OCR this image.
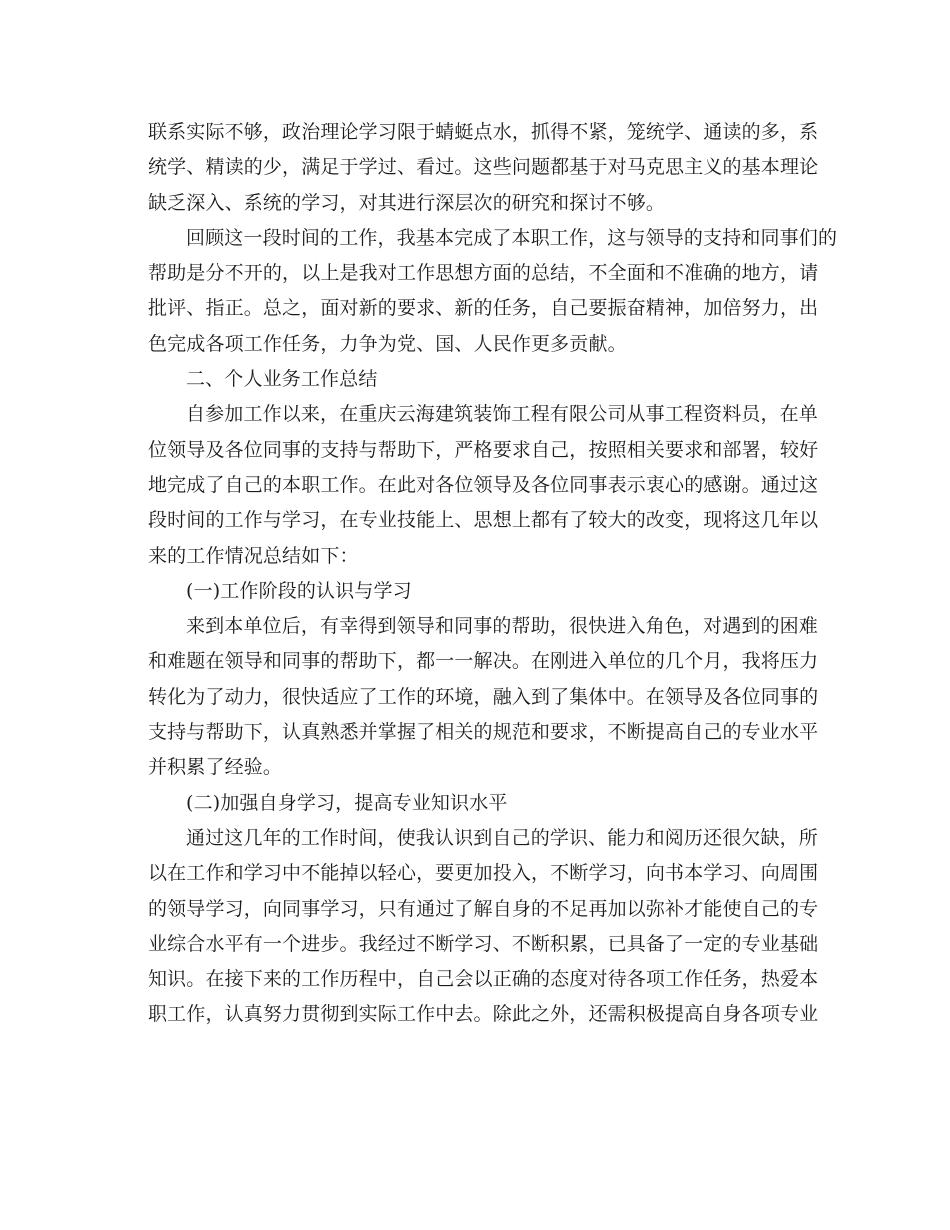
联系实际不够，政治理论学习限于蜻蜓点水，抓得不紧，笼统学、通读的多，系
统学、精读的少，满足于学过、看过。这些问题都基于对马克思主义的基本理论
缺乏深入、系统的学习，对其进行深层次的研究和探讨不够。
回顾这一段时间的工作，我基本完成了本职工作，这与领导的支持和同事们的
帮助是分不开的，以上是我对工作思想方面的总结，不全面和不准确的地方，请
批评、指正。总之，面对新的要求、新的任务，自己要振奋精神，加倍努力，出
色完成各项工作任务，力争为党、国、人民作更多贡献。
二、个人业务工作总结
自参加工作以来，在重庆云海建筑装饰工程有限公司从事工程资料员，在单
位领导及各位同事的支持与帮助下，严格要求自己，按照相关要求和部署，较好
地完成了自己的本职工作。在此对各位领导及各位同事表示衷心的感谢。通过这
段时间的工作与学习，在专业技能上、思想上都有了较大的改变，现将这几年以
来的工作情况总结如下：
(一)工作阶段的认识与学习
来到本单位后，有幸得到领导和同事的帮助，很快进入角色，对遇到的困难
和难题在领导和同事的帮助下，都一一解决。在刚进入单位的几个月，我将压力
转化为了动力，很快适应了工作的环境，融入到了集体中。在领导及各位同事的
支持与帮助下，认真熟悉并掌握了相关的规范和要求，不断提高自己的专业水平
并积累了经验。
(二)加强自身学习，提高专业知识水平
通过这几年的工作时间，使我认识到自己的学识、能力和阅历还很欠缺，所
以在工作和学习中不能掉以轻心，要更加投入，不断学习，向书本学习、向周围
的领导学习，向同事学习，只有通过了解自身的不足再加以弥补才能使自己的专
业综合水平有一个进步。我经过不断学习、不断积累，已具备了一定的专业基础
知识。在接下来的工作历程中，自己会以正确的态度对待各项工作任务，热爱本
职工作，认真努力贯彻到实际工作中去。除此之外，还需积极提高自身各项专业
